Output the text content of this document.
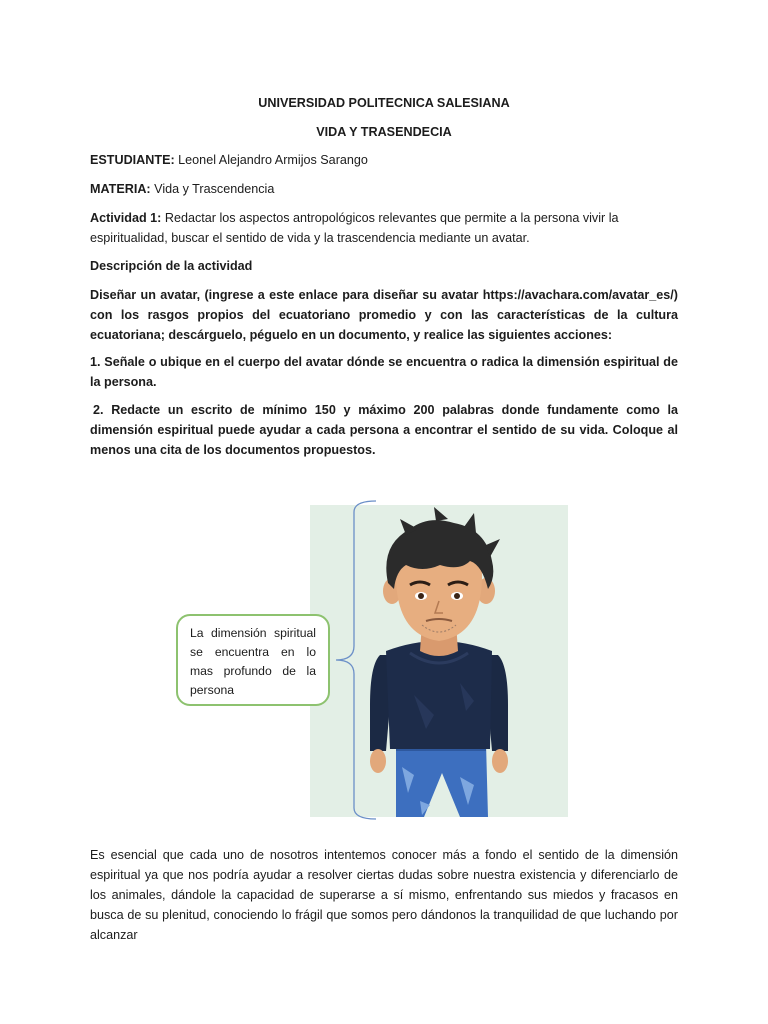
UNIVERSIDAD POLITECNICA SALESIANA
VIDA Y TRASENDECIA
ESTUDIANTE: Leonel Alejandro Armijos Sarango
MATERIA: Vida y Trascendencia
Actividad 1: Redactar los aspectos antropológicos relevantes que permite a la persona vivir la espiritualidad, buscar el sentido de vida y la trascendencia mediante un avatar.
Descripción de la actividad
Diseñar un avatar, (ingrese a este enlace para diseñar su avatar https://avachara.com/avatar_es/) con los rasgos propios del ecuatoriano promedio y con las características de la cultura ecuatoriana; descárguelo, péguelo en un documento, y realice las siguientes acciones:
1. Señale o ubique en el cuerpo del avatar dónde se encuentra o radica la dimensión espiritual de la persona.
2. Redacte un escrito de mínimo 150 y máximo 200 palabras donde fundamente como la dimensión espiritual puede ayudar a cada persona a encontrar el sentido de su vida. Coloque al menos una cita de los documentos propuestos.
Es esencial que cada uno de nosotros intentemos conocer más a fondo el sentido de la dimensión espiritual ya que nos podría ayudar a resolver ciertas dudas sobre nuestra existencia y diferenciarlo de los animales, dándole la capacidad de superarse a sí mismo, enfrentando sus miedos y fracasos en busca de su plenitud, conociendo lo frágil que somos pero dándonos la tranquilidad de que luchando por alcanzar
La dimensión spiritual se encuentra en lo mas profundo de la persona
